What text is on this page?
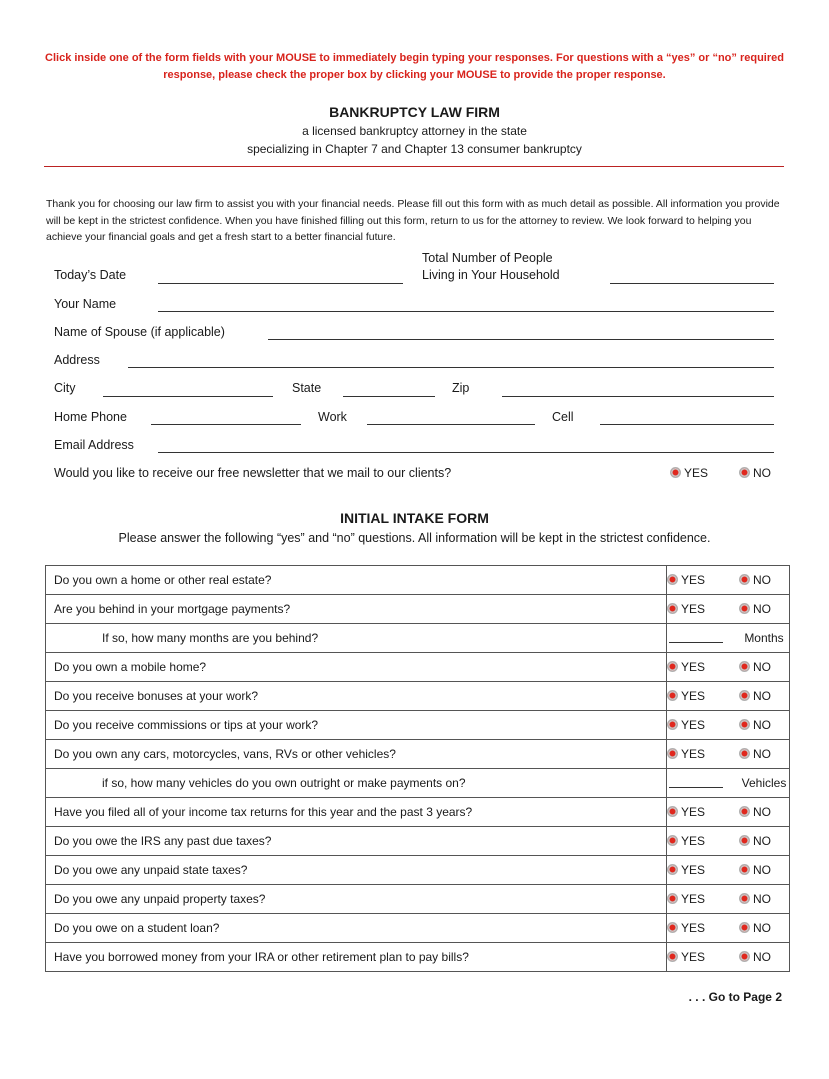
Click inside one of the form fields with your MOUSE to immediately begin typing your responses. For questions with a “yes” or “no” required response, please check the proper box by clicking your MOUSE to provide the proper response.
BANKRUPTCY LAW FIRM
a licensed bankruptcy attorney in the state
specializing in Chapter 7 and Chapter 13 consumer bankruptcy
Thank you for choosing our law firm to assist you with your financial needs. Please fill out this form with as much detail as possible. All information you provide will be kept in the strictest confidence. When you have finished filling out this form, return to us for the attorney to review. We look forward to helping you achieve your financial goals and get a fresh start to a better financial future.
Today’s Date
Total Number of People
Living in Your Household
Your Name
Name of Spouse (if applicable)
Address
City	State	Zip
Home Phone	Work	Cell
Email Address
Would you like to receive our free newsletter that we mail to our clients?	YES	NO
INITIAL INTAKE FORM
Please answer the following “yes” and “no” questions. All information will be kept in the strictest confidence.
Do you own a home or other real estate?	YES	NO
Are you behind in your mortgage payments?	YES	NO
If so, how many months are you behind?		Months
Do you own a mobile home?	YES	NO
Do you receive bonuses at your work?	YES	NO
Do you receive commissions or tips at your work?	YES	NO
Do you own any cars, motorcycles, vans, RVs or other vehicles?	YES	NO
if so, how many vehicles do you own outright or make payments on?		Vehicles
Have you filed all of your income tax returns for this year and the past 3 years?	YES	NO
Do you owe the IRS any past due taxes?	YES	NO
Do you owe any unpaid state taxes?	YES	NO
Do you owe any unpaid property taxes?	YES	NO
Do you owe on a student loan?	YES	NO
Have you borrowed money from your IRA or other retirement plan to pay bills?	YES	NO
. . . Go to Page 2
